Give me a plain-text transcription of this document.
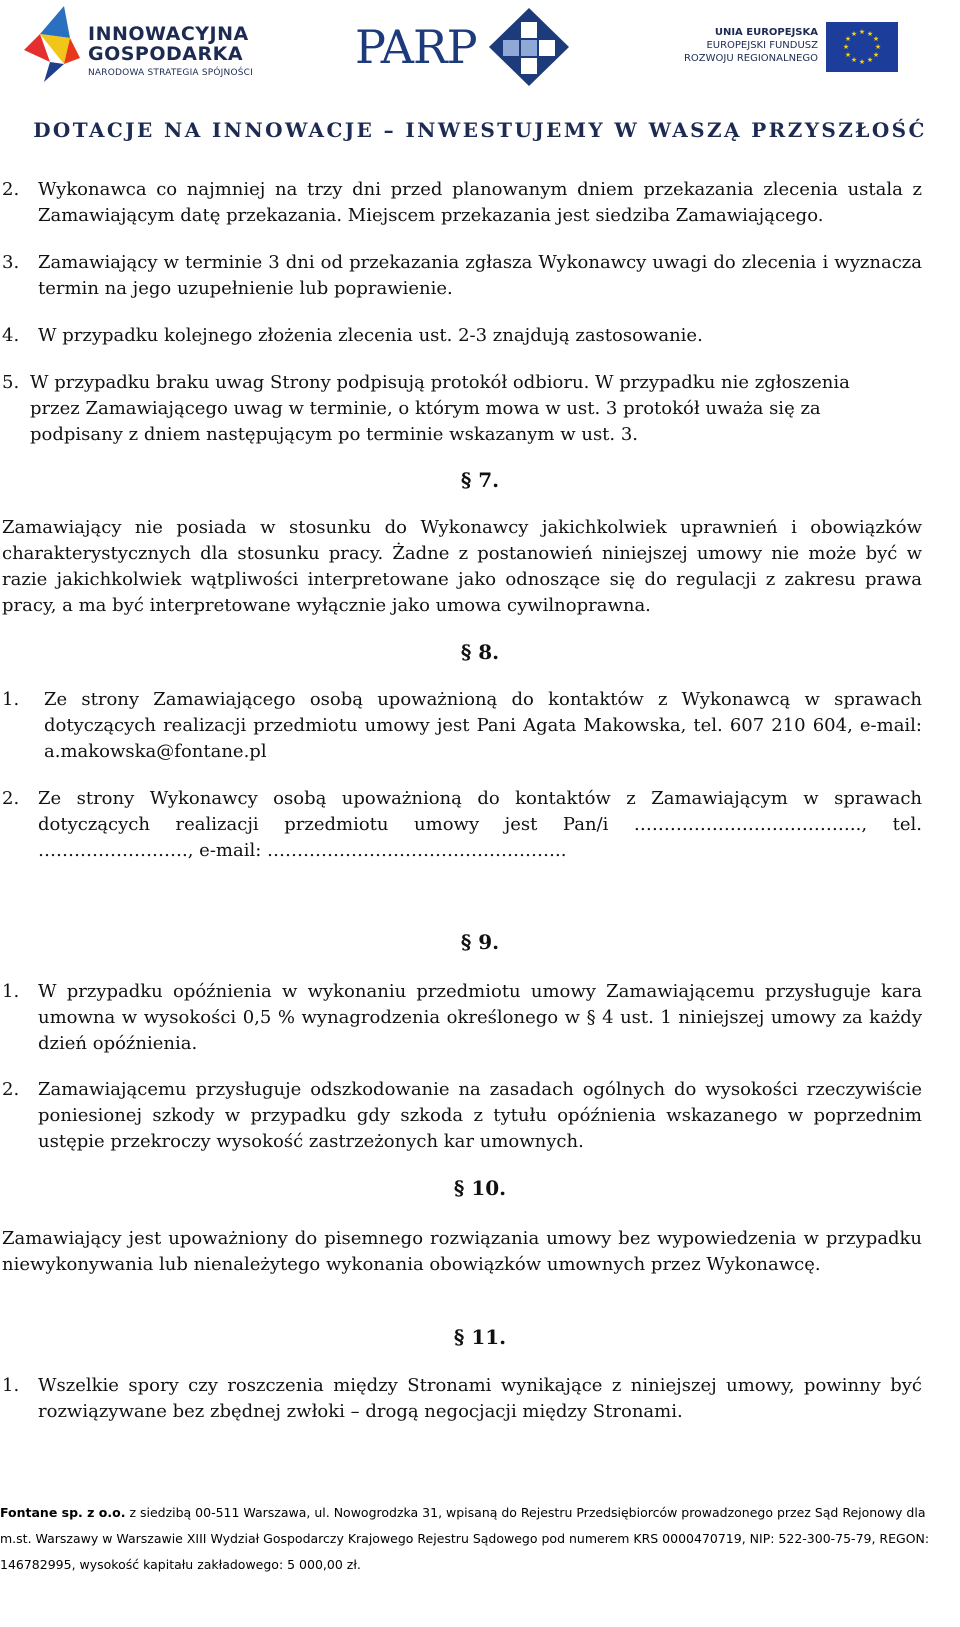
INNOWACYJNA
GOSPODARKA
NARODOWA STRATEGIA SPÓJNOŚCI PARP	UNIA EUROPEJSKA
EUROPEJSKI FUNDUSZ
ROZWOJU REGIONALNEGO
★ ★
★
★
★
★
★
★
★
★
★
★
DOTACJE NA INNOWACJE – INWESTUJEMY W WASZĄ PRZYSZŁOŚĆ
2. Wykonawca co najmniej na trzy dni przed planowanym dniem przekazania zlecenia ustala z Zamawiającym datę przekazania. Miejscem przekazania jest siedziba Zamawiającego.
3. Zamawiający w terminie 3 dni od przekazania zgłasza Wykonawcy uwagi do zlecenia i wyznacza termin na jego uzupełnienie lub poprawienie.
4. W przypadku kolejnego złożenia zlecenia ust. 2-3 znajdują zastosowanie.
5. W przypadku braku uwag Strony podpisują protokół odbioru. W przypadku nie zgłoszenia przez Zamawiającego uwag w terminie, o którym mowa w ust. 3 protokół uważa się za podpisany z dniem następującym po terminie wskazanym w ust. 3.
§ 7.
Zamawiający nie posiada w stosunku do Wykonawcy jakichkolwiek uprawnień i obowiązków charakterystycznych dla stosunku pracy. Żadne z postanowień niniejszej umowy nie może być w razie jakichkolwiek wątpliwości interpretowane jako odnoszące się do regulacji z zakresu prawa pracy, a ma być interpretowane wyłącznie jako umowa cywilnoprawna.
§ 8.
1. Ze strony Zamawiającego osobą upoważnioną do kontaktów z Wykonawcą w sprawach dotyczących realizacji przedmiotu umowy jest Pani Agata Makowska, tel. 607 210 604, e-mail: a.makowska@fontane.pl
2. Ze strony Wykonawcy osobą upoważnioną do kontaktów z Zamawiającym w sprawach dotyczących realizacji przedmiotu umowy jest Pan/i ……………………………….., tel. ……………………., e-mail: …………………………………………..
§ 9.
1. W przypadku opóźnienia w wykonaniu przedmiotu umowy Zamawiającemu przysługuje kara umowna w wysokości 0,5 % wynagrodzenia określonego w § 4 ust. 1 niniejszej umowy za każdy dzień opóźnienia.
2. Zamawiającemu przysługuje odszkodowanie na zasadach ogólnych do wysokości rzeczywiście poniesionej szkody w przypadku gdy szkoda z tytułu opóźnienia wskazanego w poprzednim ustępie przekroczy wysokość zastrzeżonych kar umownych.
§ 10.
Zamawiający jest upoważniony do pisemnego rozwiązania umowy bez wypowiedzenia w przypadku niewykonywania lub nienależytego wykonania obowiązków umownych przez Wykonawcę.
§ 11.
1. Wszelkie spory czy roszczenia między Stronami wynikające z niniejszej umowy, powinny być rozwiązywane bez zbędnej zwłoki – drogą negocjacji między Stronami.
Fontane sp. z o.o. z siedzibą 00-511 Warszawa, ul. Nowogrodzka 31, wpisaną do Rejestru Przedsiębiorców prowadzonego przez Sąd Rejonowy dla m.st. Warszawy w Warszawie XIII Wydział Gospodarczy Krajowego Rejestru Sądowego pod numerem KRS 0000470719, NIP: 522-300-75-79, REGON: 146782995, wysokość kapitału zakładowego: 5 000,00 zł.
